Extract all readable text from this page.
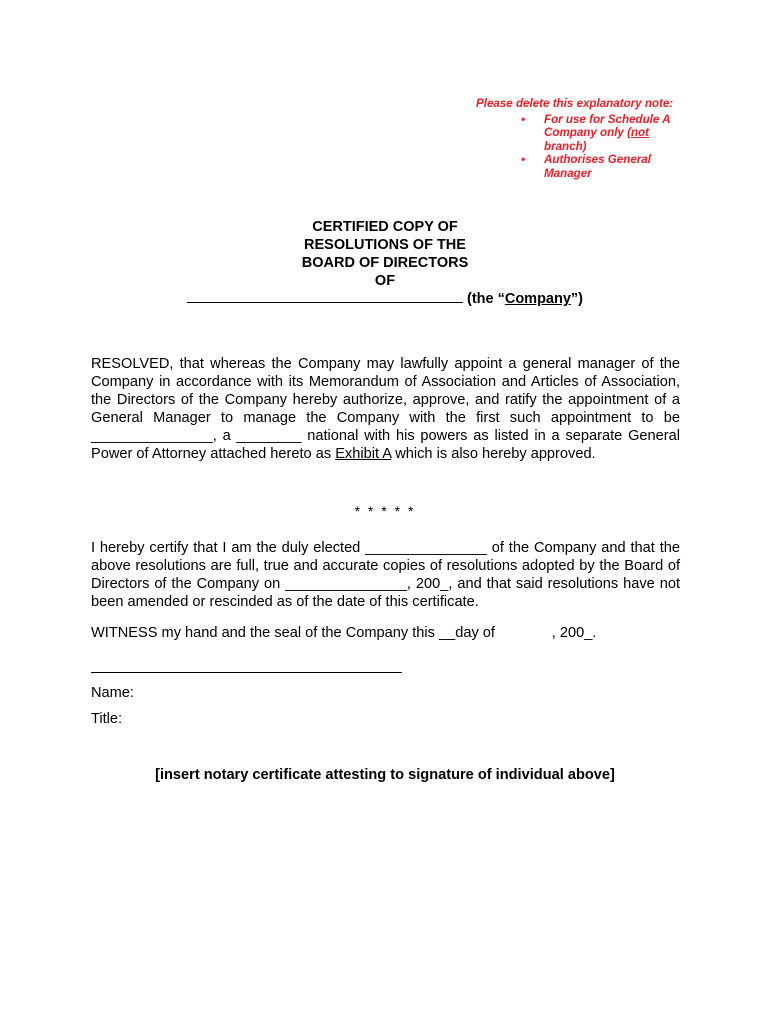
Please delete this explanatory note:
• For use for Schedule A Company only (not branch)
• Authorises General Manager
CERTIFIED COPY OF
RESOLUTIONS OF THE
BOARD OF DIRECTORS
OF
(the “Company”)
RESOLVED, that whereas the Company may lawfully appoint a general manager of the Company in accordance with its Memorandum of Association and Articles of Association, the Directors of the Company hereby authorize, approve, and ratify the appointment of a General Manager to manage the Company with the first such appointment to be _______________, a ________ national with his powers as listed in a separate General Power of Attorney attached hereto as Exhibit A which is also hereby approved.
* * * * *
I hereby certify that I am the duly elected _______________ of the Company and that the above resolutions are full, true and accurate copies of resolutions adopted by the Board of Directors of the Company on _______________, 200_, and that said resolutions have not been amended or rescinded as of the date of this certificate.
WITNESS my hand and the seal of the Company this __day of              , 200_.
Name:
Title:
[insert notary certificate attesting to signature of individual above]
